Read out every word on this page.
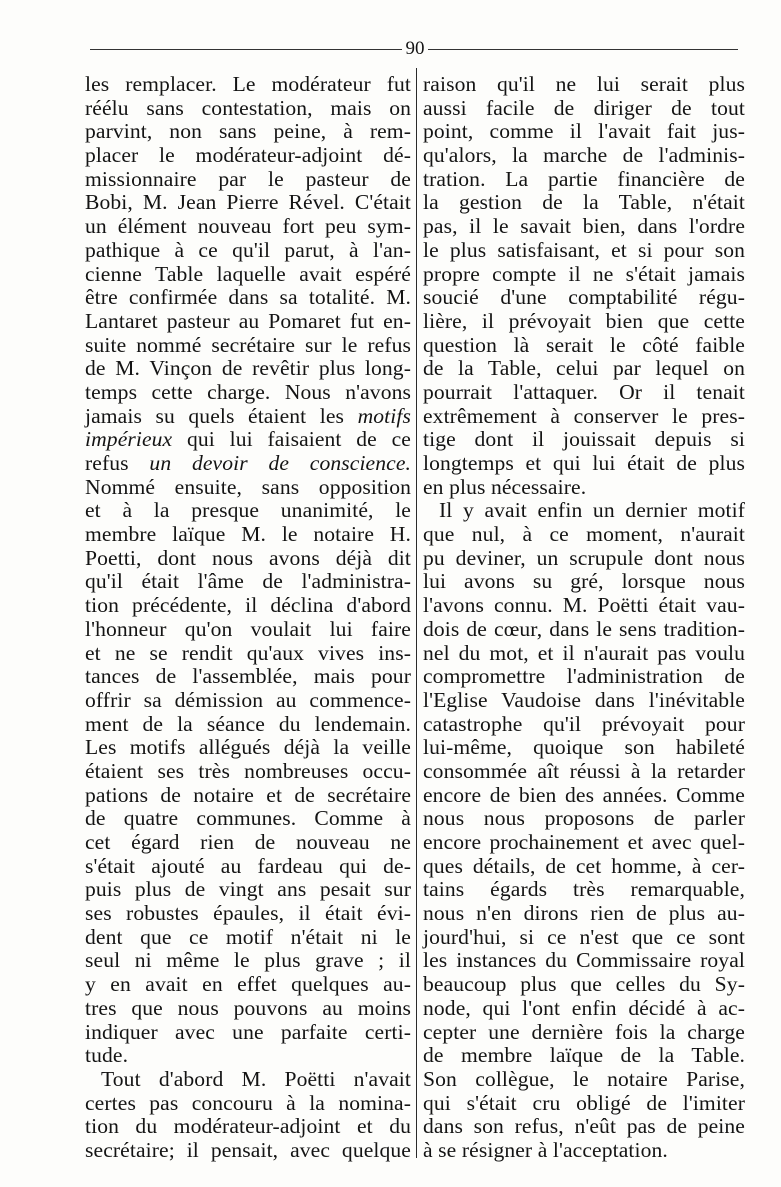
90
les remplacer. Le modérateur fut
réélu sans contestation, mais on
parvint, non sans peine, à rem-
placer le modérateur-adjoint dé-
missionnaire par le pasteur de
Bobi, M. Jean Pierre Rével. C'était
un élément nouveau fort peu sym-
pathique à ce qu'il parut, à l'an-
cienne Table laquelle avait espéré
être confirmée dans sa totalité. M.
Lantaret pasteur au Pomaret fut en-
suite nommé secrétaire sur le refus
de M. Vinçon de revêtir plus long-
temps cette charge. Nous n'avons
jamais su quels étaient les motifs
impérieux qui lui faisaient de ce
refus un devoir de conscience.
Nommé ensuite, sans opposition
et à la presque unanimité, le
membre laïque M. le notaire H.
Poetti, dont nous avons déjà dit
qu'il était l'âme de l'administra-
tion précédente, il déclina d'abord
l'honneur qu'on voulait lui faire
et ne se rendit qu'aux vives ins-
tances de l'assemblée, mais pour
offrir sa démission au commence-
ment de la séance du lendemain.
Les motifs allégués déjà la veille
étaient ses très nombreuses occu-
pations de notaire et de secrétaire
de quatre communes. Comme à
cet égard rien de nouveau ne
s'était ajouté au fardeau qui de-
puis plus de vingt ans pesait sur
ses robustes épaules, il était évi-
dent que ce motif n'était ni le
seul ni même le plus grave ; il
y en avait en effet quelques au-
tres que nous pouvons au moins
indiquer avec une parfaite certi-
tude.
Tout d'abord M. Poëtti n'avait
certes pas concouru à la nomina-
tion du modérateur-adjoint et du
secrétaire; il pensait, avec quelque
raison qu'il ne lui serait plus
aussi facile de diriger de tout
point, comme il l'avait fait jus-
qu'alors, la marche de l'adminis-
tration. La partie financière de
la gestion de la Table, n'était
pas, il le savait bien, dans l'ordre
le plus satisfaisant, et si pour son
propre compte il ne s'était jamais
soucié d'une comptabilité régu-
lière, il prévoyait bien que cette
question là serait le côté faible
de la Table, celui par lequel on
pourrait l'attaquer. Or il tenait
extrêmement à conserver le pres-
tige dont il jouissait depuis si
longtemps et qui lui était de plus
en plus nécessaire.
Il y avait enfin un dernier motif
que nul, à ce moment, n'aurait
pu deviner, un scrupule dont nous
lui avons su gré, lorsque nous
l'avons connu. M. Poëtti était vau-
dois de cœur, dans le sens tradition-
nel du mot, et il n'aurait pas voulu
compromettre l'administration de
l'Eglise Vaudoise dans l'inévitable
catastrophe qu'il prévoyait pour
lui-même, quoique son habileté
consommée aît réussi à la retarder
encore de bien des années. Comme
nous nous proposons de parler
encore prochainement et avec quel-
ques détails, de cet homme, à cer-
tains égards très remarquable,
nous n'en dirons rien de plus au-
jourd'hui, si ce n'est que ce sont
les instances du Commissaire royal
beaucoup plus que celles du Sy-
node, qui l'ont enfin décidé à ac-
cepter une dernière fois la charge
de membre laïque de la Table.
Son collègue, le notaire Parise,
qui s'était cru obligé de l'imiter
dans son refus, n'eût pas de peine
à se résigner à l'acceptation.
